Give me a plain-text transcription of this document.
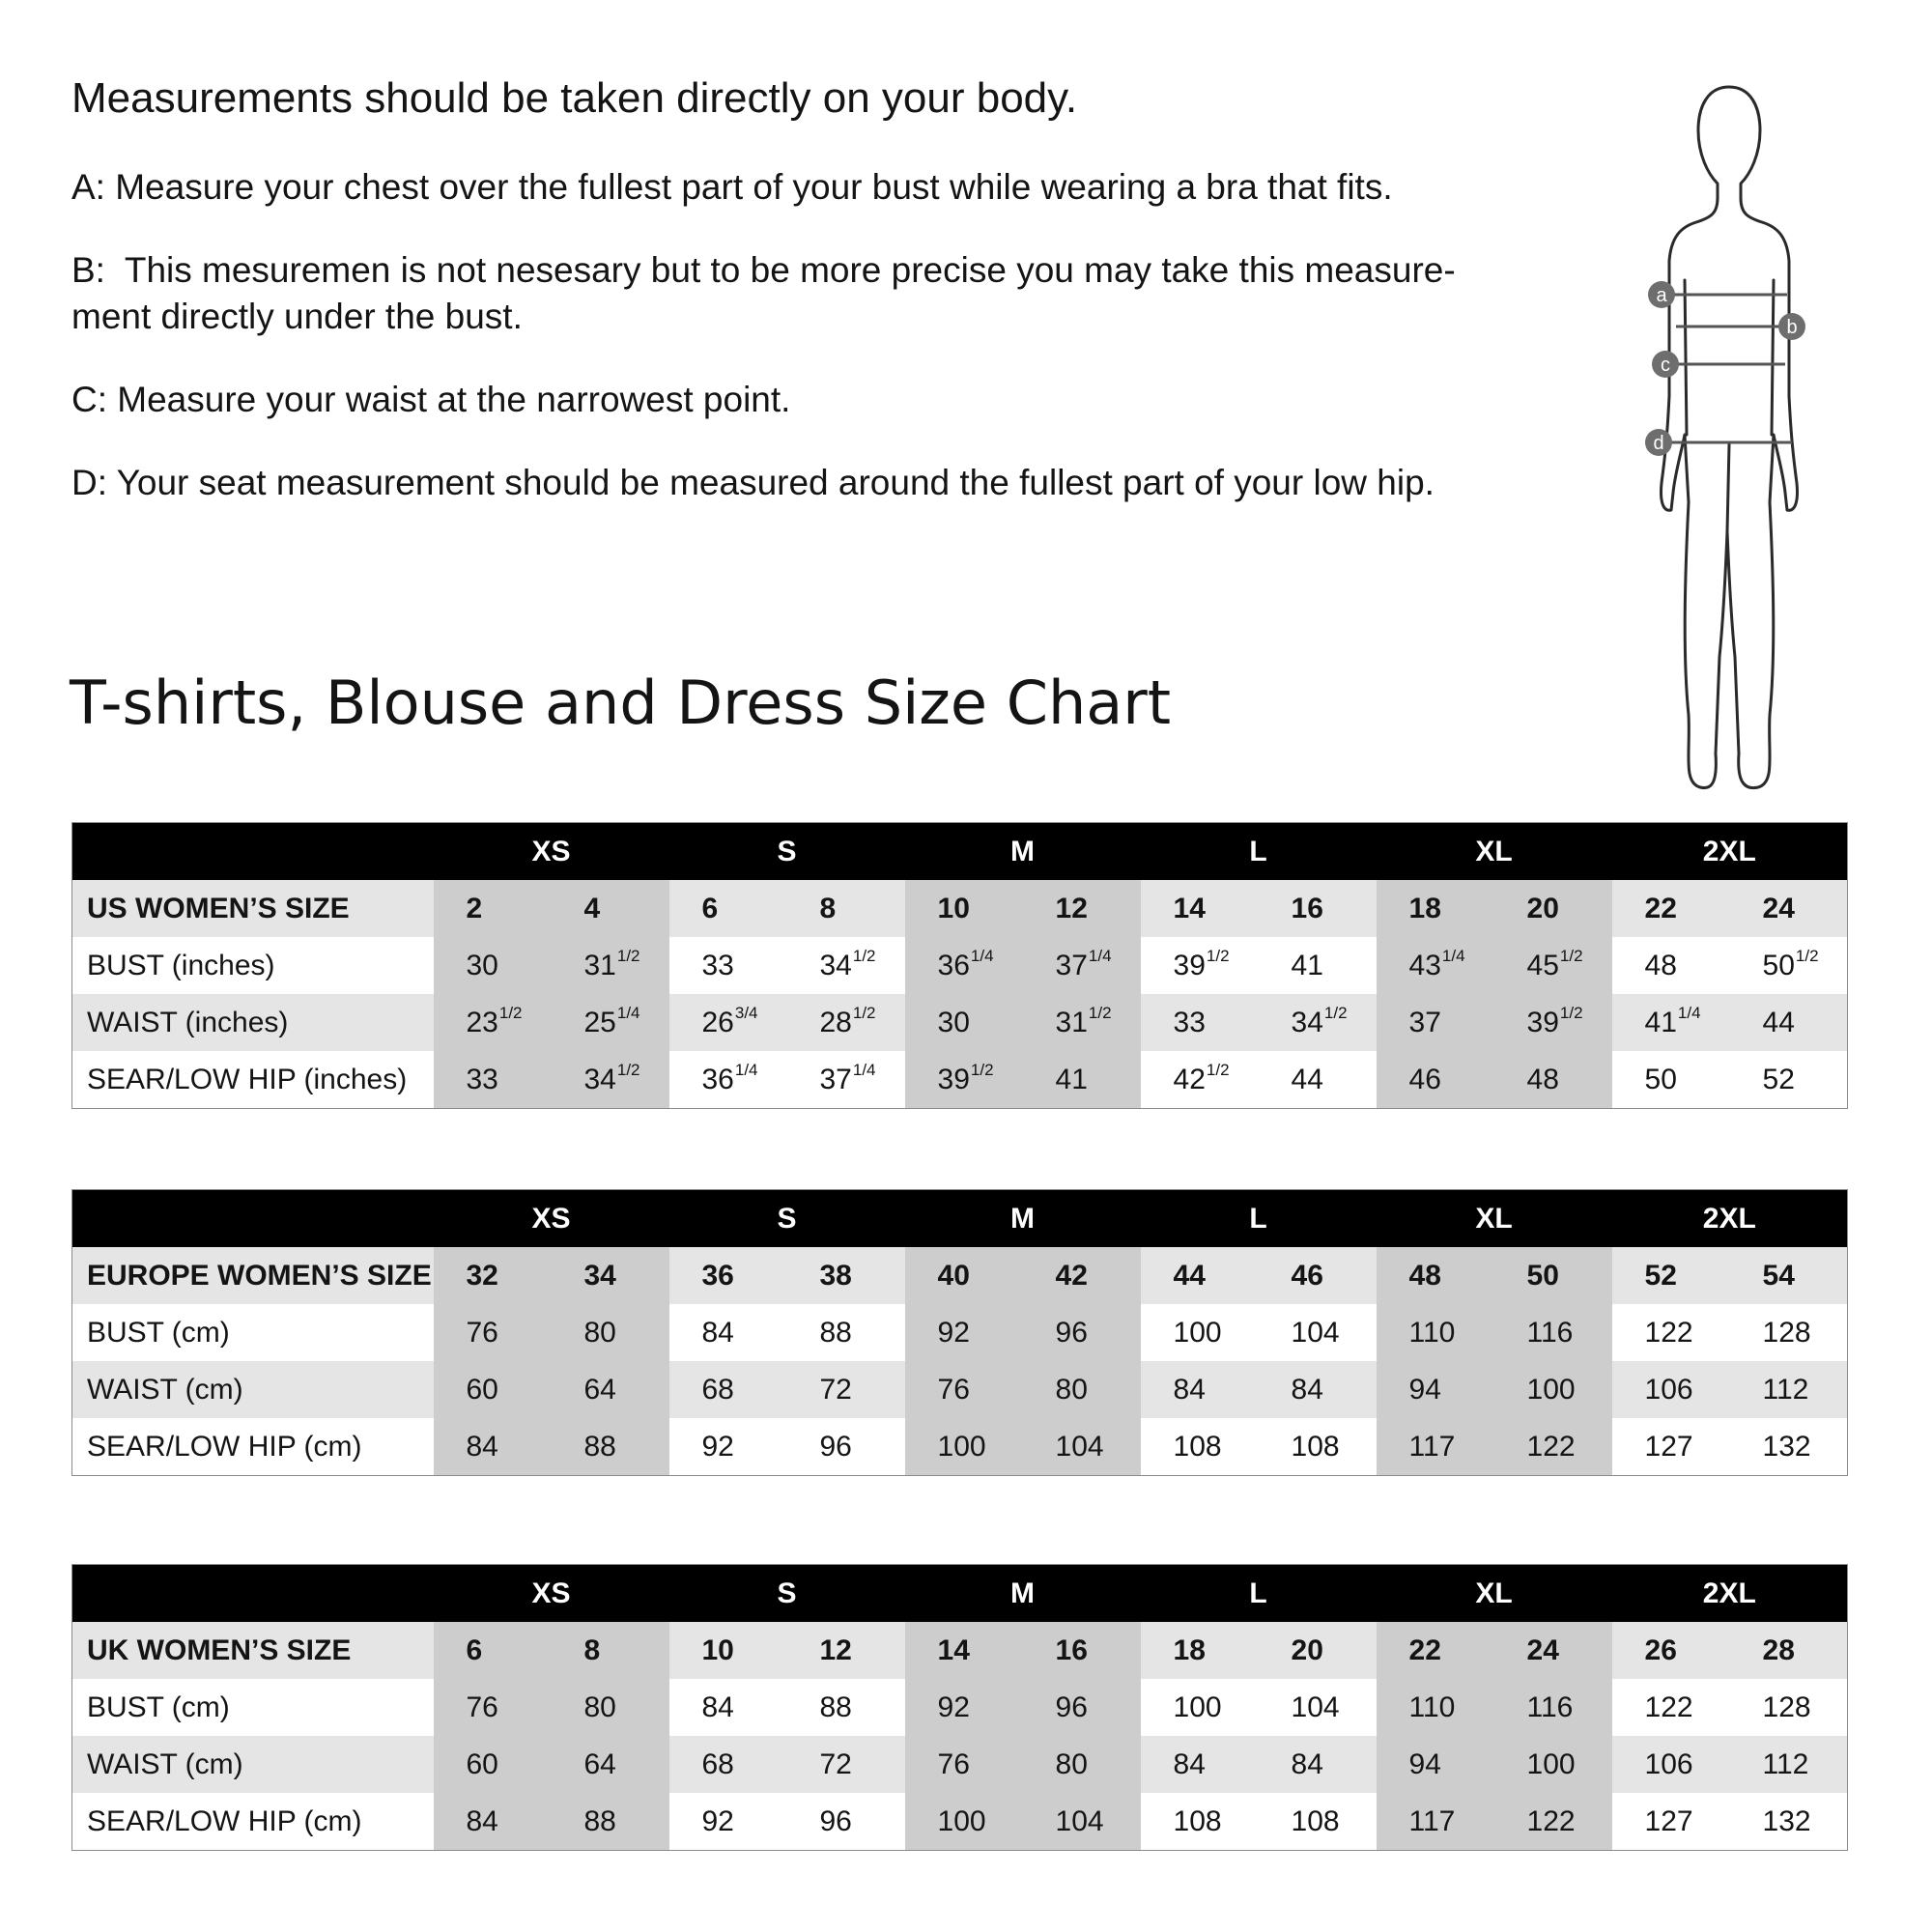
Measurements should be taken directly on your body.

A: Measure your chest over the fullest part of your bust while wearing a bra that fits.

B:  This mesuremen is not nesesary but to be more precise you may take this measure-
ment directly under the bust.

C: Measure your waist at the narrowest point.

D: Your seat measurement should be measured around the fullest part of your low hip.

a
b
c
d
T-shirts, Blouse and Dress Size Chart
	XS		S		M		L		XL		2XL	
US WOMEN’S SIZE	2	4	6	8	10	12	14	16	18	20	22	24
BUST (inches)	30	$31^{1/2}$	33	$34^{1/2}$	$36^{1/4}$	$37^{1/4}$	$39^{1/2}$	41	$43^{1/4}$	$45^{1/2}$	48	$50^{1/2}$
WAIST (inches)	$23^{1/2}$	$25^{1/4}$	$26^{3/4}$	$28^{1/2}$	30	$31^{1/2}$	33	$34^{1/2}$	37	$39^{1/2}$	$41^{1/4}$	44
SEAR/LOW HIP (inches)	33	$34^{1/2}$	$36^{1/4}$	$37^{1/4}$	$39^{1/2}$	41	$42^{1/2}$	44	46	48	50	52
	XS		S		M		L		XL		2XL	
EUROPE WOMEN’S SIZE	32	34	36	38	40	42	44	46	48	50	52	54
BUST (cm)	76	80	84	88	92	96	100	104	110	116	122	128
WAIST (cm)	60	64	68	72	76	80	84	84	94	100	106	112
SEAR/LOW HIP (cm)	84	88	92	96	100	104	108	108	117	122	127	132
	XS		S		M		L		XL		2XL	
UK WOMEN’S SIZE	6	8	10	12	14	16	18	20	22	24	26	28
BUST (cm)	76	80	84	88	92	96	100	104	110	116	122	128
WAIST (cm)	60	64	68	72	76	80	84	84	94	100	106	112
SEAR/LOW HIP (cm)	84	88	92	96	100	104	108	108	117	122	127	132
